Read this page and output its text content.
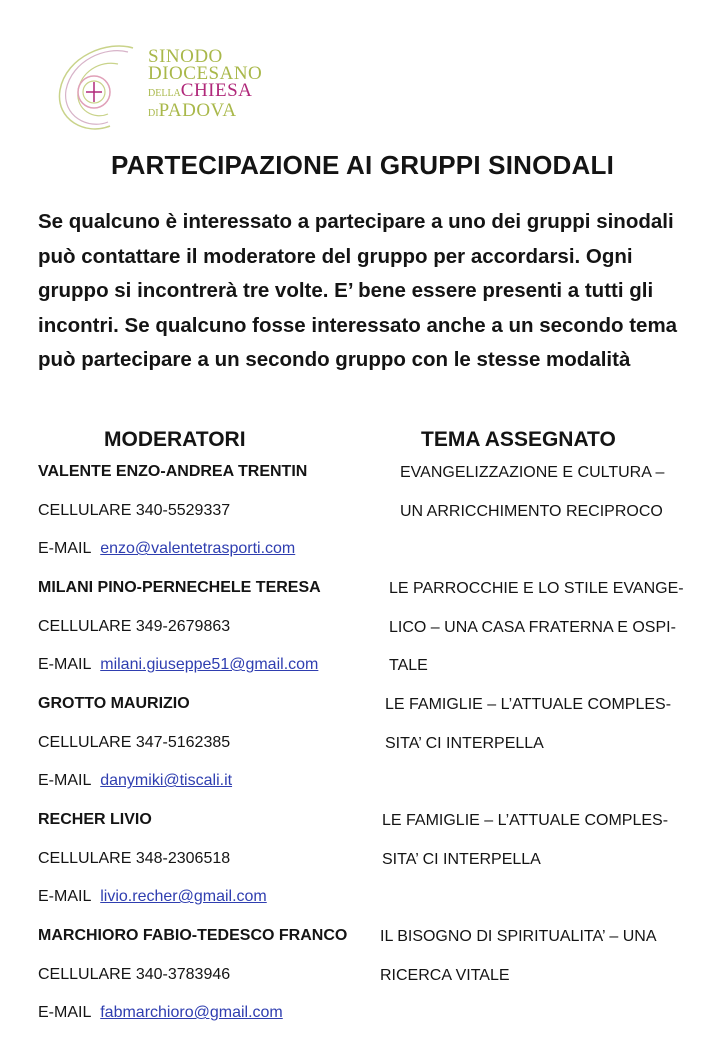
SINODO
DIOCESANO
DELLACHIESA
DIPADOVA
PARTECIPAZIONE AI GRUPPI SINODALI

Se qualcuno è interessato a partecipare a uno dei gruppi sinodali può contattare il moderatore del gruppo per accordarsi. Ogni gruppo si incontrerà tre volte. E’ bene essere presenti a tutti gli incontri. Se qualcuno fosse interessato anche a un secondo tema può partecipare a un secondo gruppo con le stesse modalità

MODERATORI	TEMA ASSEGNATO
VALENTE ENZO-ANDREA TRENTIN
CELLULARE 340-5529337
E-MAIL enzo@valentetrasporti.com
EVANGELIZZAZIONE E CULTURA –
UN ARRICCHIMENTO RECIPROCO
MILANI PINO-PERNECHELE TERESA
CELLULARE 349-2679863
E-MAIL milani.giuseppe51@gmail.com
LE PARROCCHIE E LO STILE EVANGE-
LICO – UNA CASA FRATERNA E OSPI-
TALE
GROTTO MAURIZIO
CELLULARE 347-5162385
E-MAIL danymiki@tiscali.it
LE FAMIGLIE – L’ATTUALE COMPLES-
SITA’ CI INTERPELLA
RECHER LIVIO
CELLULARE 348-2306518
E-MAIL livio.recher@gmail.com
LE FAMIGLIE – L’ATTUALE COMPLES-
SITA’ CI INTERPELLA
MARCHIORO FABIO-TEDESCO FRANCO
CELLULARE 340-3783946
E-MAIL fabmarchioro@gmail.com
IL BISOGNO DI SPIRITUALITA’ – UNA
RICERCA VITALE
